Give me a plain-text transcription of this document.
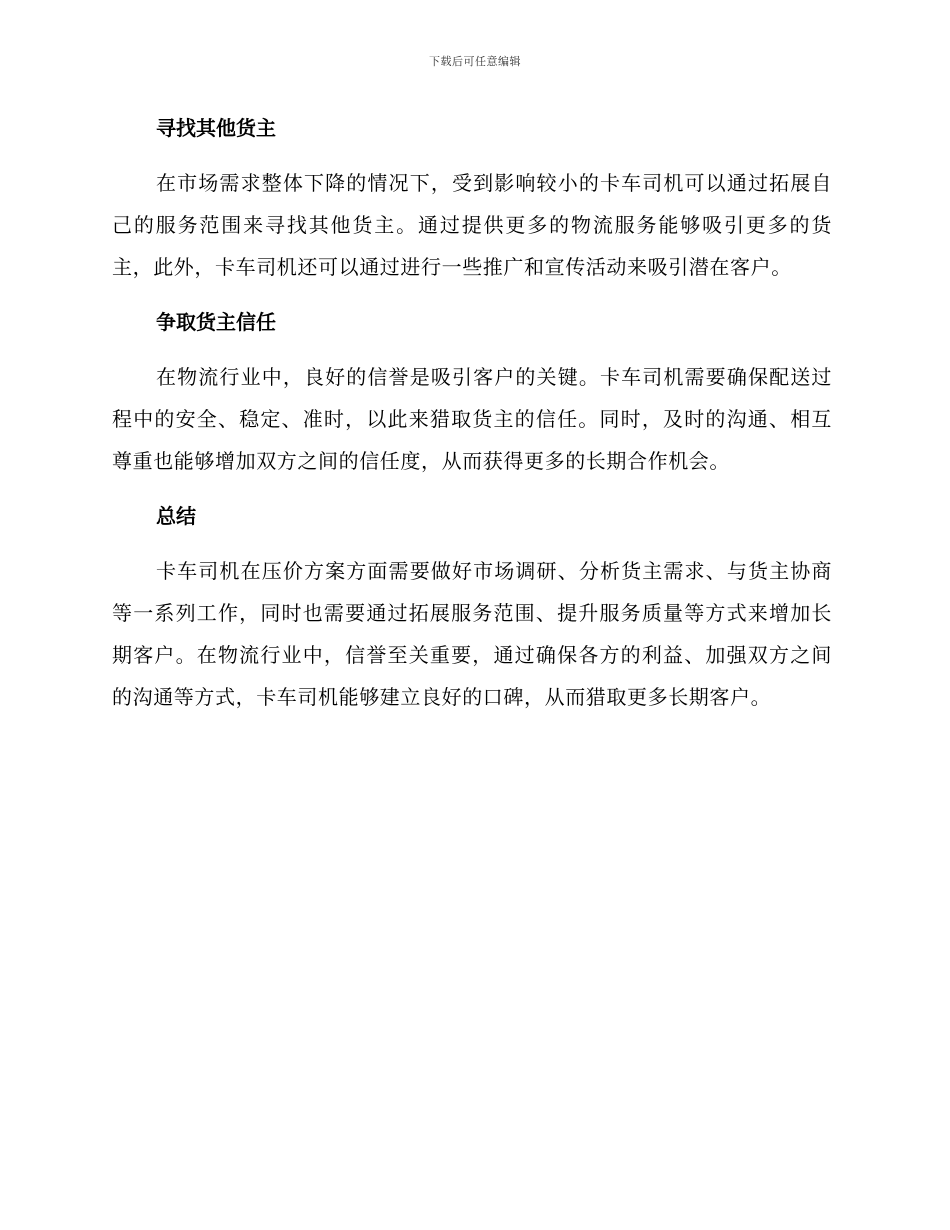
下载后可任意编辑
寻找其他货主

在市场需求整体下降的情况下，受到影响较小的卡车司机可以通过拓展自己的服务范围来寻找其他货主。通过提供更多的物流服务能够吸引更多的货主，此外，卡车司机还可以通过进行一些推广和宣传活动来吸引潜在客户。

争取货主信任

在物流行业中，良好的信誉是吸引客户的关键。卡车司机需要确保配送过程中的安全、稳定、准时，以此来猎取货主的信任。同时，及时的沟通、相互尊重也能够增加双方之间的信任度，从而获得更多的长期合作机会。

总结

卡车司机在压价方案方面需要做好市场调研、分析货主需求、与货主协商等一系列工作，同时也需要通过拓展服务范围、提升服务质量等方式来增加长期客户。在物流行业中，信誉至关重要，通过确保各方的利益、加强双方之间的沟通等方式，卡车司机能够建立良好的口碑，从而猎取更多长期客户。
